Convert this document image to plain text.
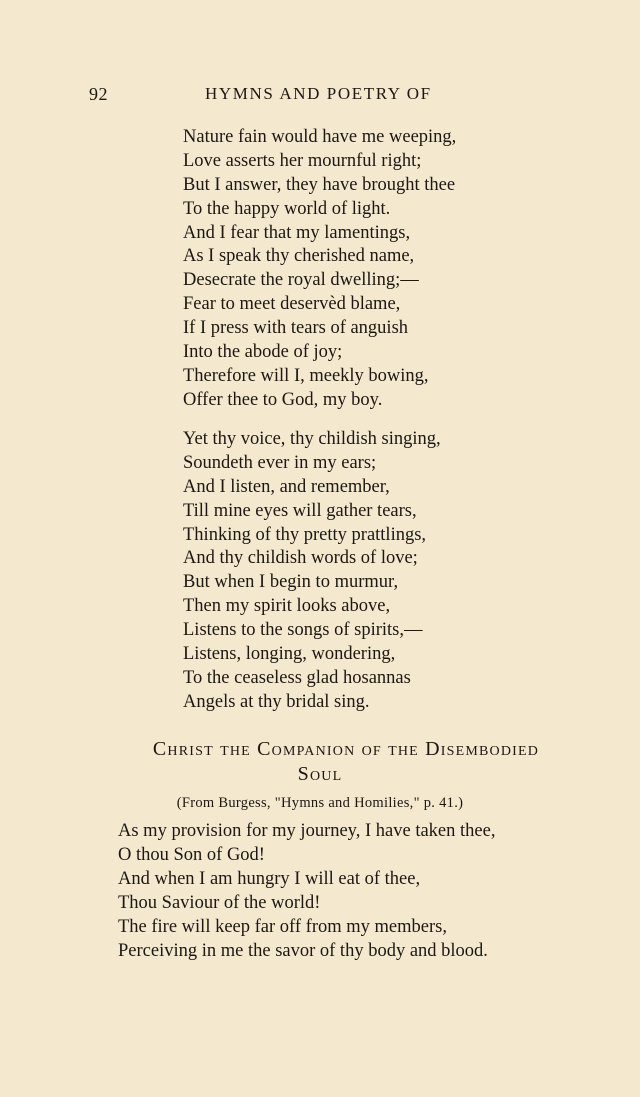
92	HYMNS AND POETRY OF
Nature fain would have me weeping,
Love asserts her mournful right;
But I answer, they have brought thee
To the happy world of light.
And I fear that my lamentings,
As I speak thy cherished name,
Desecrate the royal dwelling;—
Fear to meet deservèd blame,
If I press with tears of anguish
Into the abode of joy;
Therefore will I, meekly bowing,
Offer thee to God, my boy.
Yet thy voice, thy childish singing,
Soundeth ever in my ears;
And I listen, and remember,
Till mine eyes will gather tears,
Thinking of thy pretty prattlings,
And thy childish words of love;
But when I begin to murmur,
Then my spirit looks above,
Listens to the songs of spirits,—
Listens, longing, wondering,
To the ceaseless glad hosannas
Angels at thy bridal sing.
Christ the Companion of the Disembodied
Soul
(From Burgess, "Hymns and Homilies," p. 41.)
As my provision for my journey, I have taken thee,
O thou Son of God!
And when I am hungry I will eat of thee,
Thou Saviour of the world!
The fire will keep far off from my members,
Perceiving in me the savor of thy body and blood.
